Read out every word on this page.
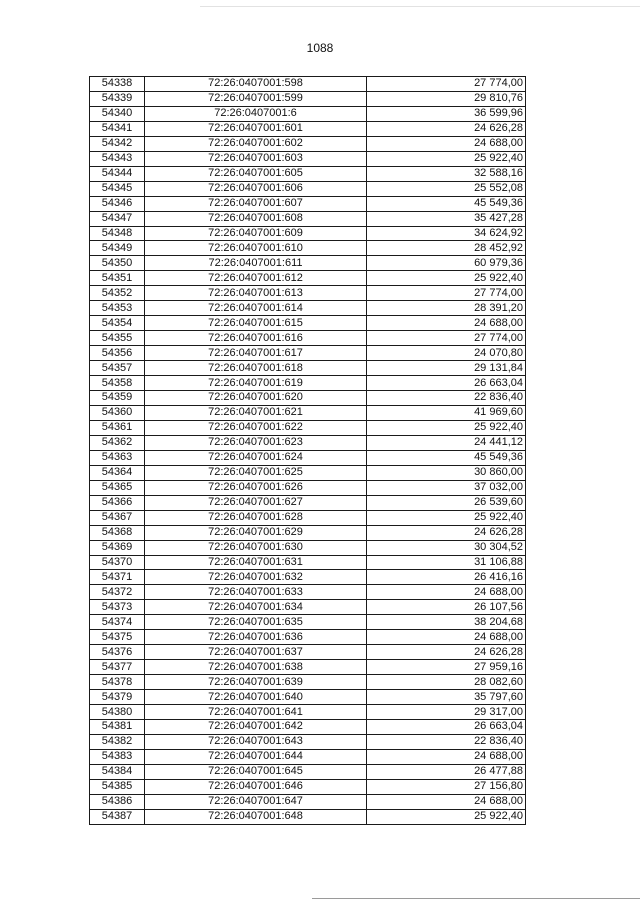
1088
54338	72:26:0407001:598	27 774,00
54339	72:26:0407001:599	29 810,76
54340	72:26:0407001:6	36 599,96
54341	72:26:0407001:601	24 626,28
54342	72:26:0407001:602	24 688,00
54343	72:26:0407001:603	25 922,40
54344	72:26:0407001:605	32 588,16
54345	72:26:0407001:606	25 552,08
54346	72:26:0407001:607	45 549,36
54347	72:26:0407001:608	35 427,28
54348	72:26:0407001:609	34 624,92
54349	72:26:0407001:610	28 452,92
54350	72:26:0407001:611	60 979,36
54351	72:26:0407001:612	25 922,40
54352	72:26:0407001:613	27 774,00
54353	72:26:0407001:614	28 391,20
54354	72:26:0407001:615	24 688,00
54355	72:26:0407001:616	27 774,00
54356	72:26:0407001:617	24 070,80
54357	72:26:0407001:618	29 131,84
54358	72:26:0407001:619	26 663,04
54359	72:26:0407001:620	22 836,40
54360	72:26:0407001:621	41 969,60
54361	72:26:0407001:622	25 922,40
54362	72:26:0407001:623	24 441,12
54363	72:26:0407001:624	45 549,36
54364	72:26:0407001:625	30 860,00
54365	72:26:0407001:626	37 032,00
54366	72:26:0407001:627	26 539,60
54367	72:26:0407001:628	25 922,40
54368	72:26:0407001:629	24 626,28
54369	72:26:0407001:630	30 304,52
54370	72:26:0407001:631	31 106,88
54371	72:26:0407001:632	26 416,16
54372	72:26:0407001:633	24 688,00
54373	72:26:0407001:634	26 107,56
54374	72:26:0407001:635	38 204,68
54375	72:26:0407001:636	24 688,00
54376	72:26:0407001:637	24 626,28
54377	72:26:0407001:638	27 959,16
54378	72:26:0407001:639	28 082,60
54379	72:26:0407001:640	35 797,60
54380	72:26:0407001:641	29 317,00
54381	72:26:0407001:642	26 663,04
54382	72:26:0407001:643	22 836,40
54383	72:26:0407001:644	24 688,00
54384	72:26:0407001:645	26 477,88
54385	72:26:0407001:646	27 156,80
54386	72:26:0407001:647	24 688,00
54387	72:26:0407001:648	25 922,40
